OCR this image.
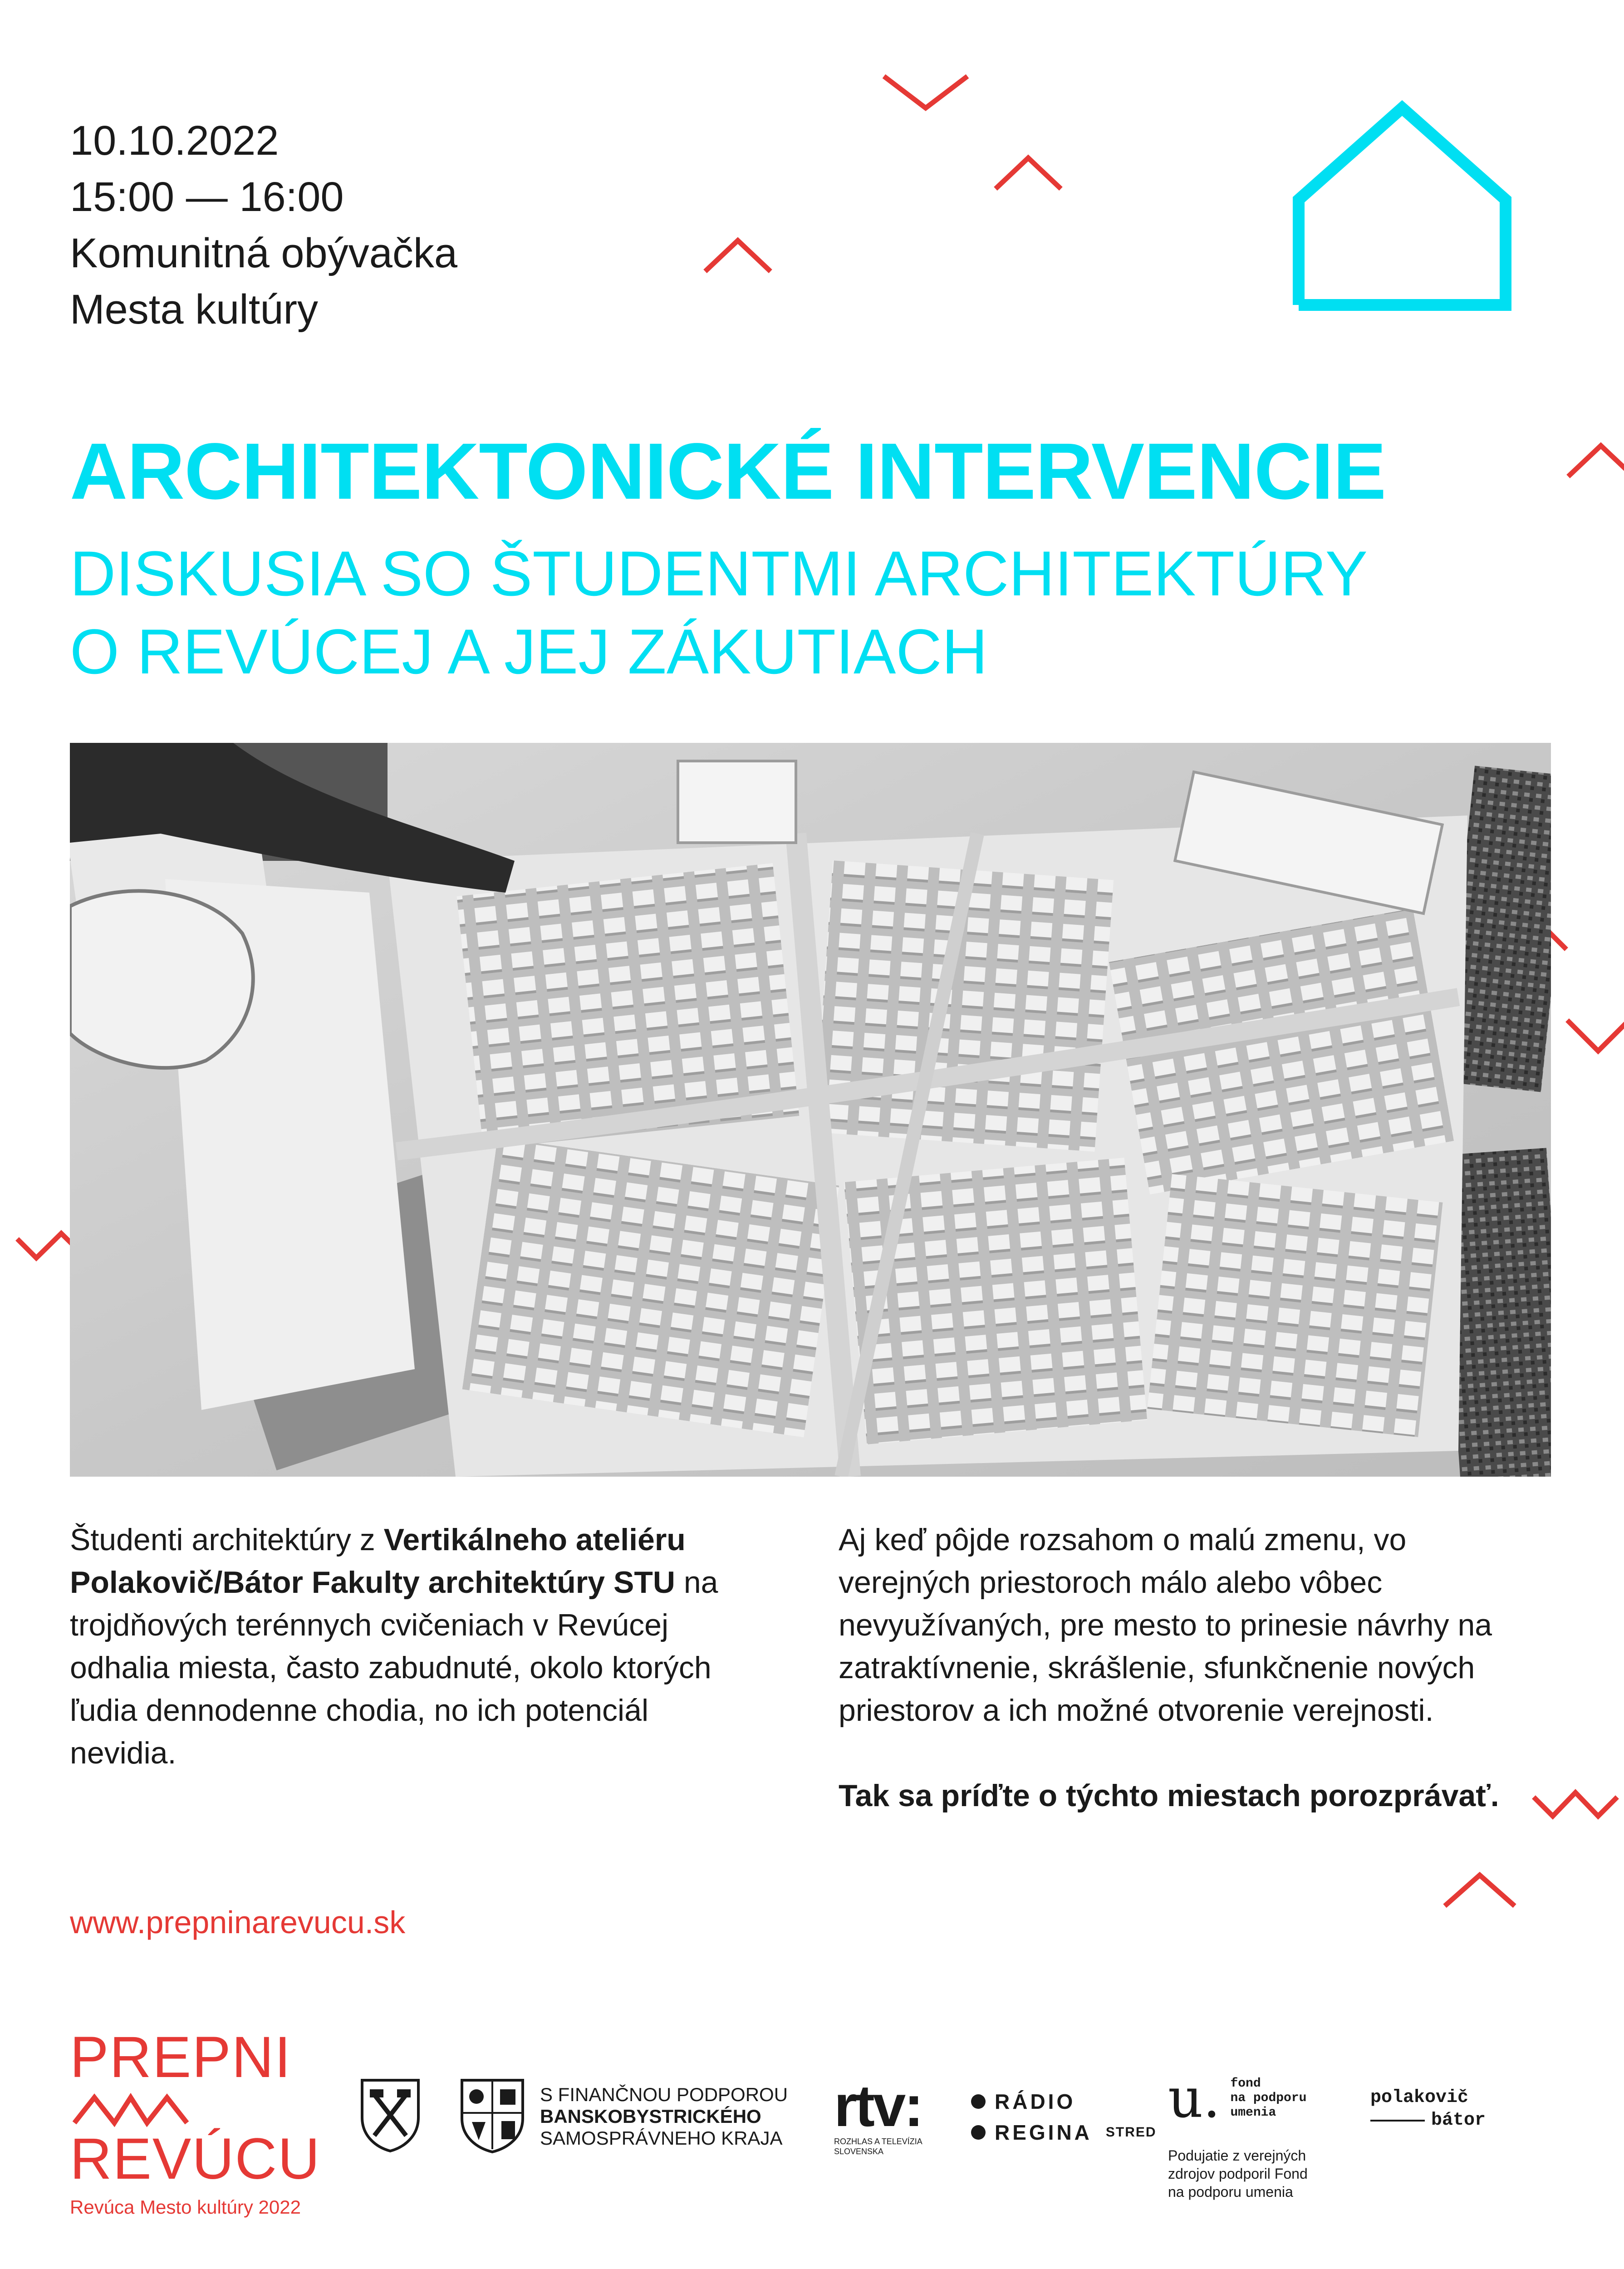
10.10.2022
15:00 — 16:00
Komunitná obývačka
Mesta kultúry
ARCHITEKTONICKÉ INTERVENCIE
DISKUSIA SO ŠTUDENTMI ARCHITEKTÚRY
O REVÚCEJ A JEJ ZÁKUTIACH

Študenti architektúry z Vertikálneho ateliéru Polakovič/Bátor Fakulty architektúry STU na trojdňových terénnych cvičeniach v Revúcej odhalia miesta, často zabudnuté, okolo ktorých ľudia dennodenne chodia, no ich potenciál nevidia.

Aj keď pôjde rozsahom o malú zmenu, vo verejných priestoroch málo alebo vôbec nevyužívaných, pre mesto to prinesie návrhy na zatraktívnenie, skrášlenie, sfunkčnenie nových priestorov a ich možné otvorenie verejnosti.

Tak sa príďte o týchto miestach porozprávať.

www.prepninarevucu.sk
PREPNI
REVÚCU
Revúca Mesto kultúry 2022
S FINANČNOU PODPOROU
BANSKOBYSTRICKÉHO
SAMOSPRÁVNEHO KRAJA rtv:
ROZHLAS A TELEVÍZIA SLOVENSKA
RÁDIO
REGINA STRED
u. fond
na podporu
umenia
Podujatie z verejných
zdrojov podporil Fond
na podporu umenia
polakovič
bátor
